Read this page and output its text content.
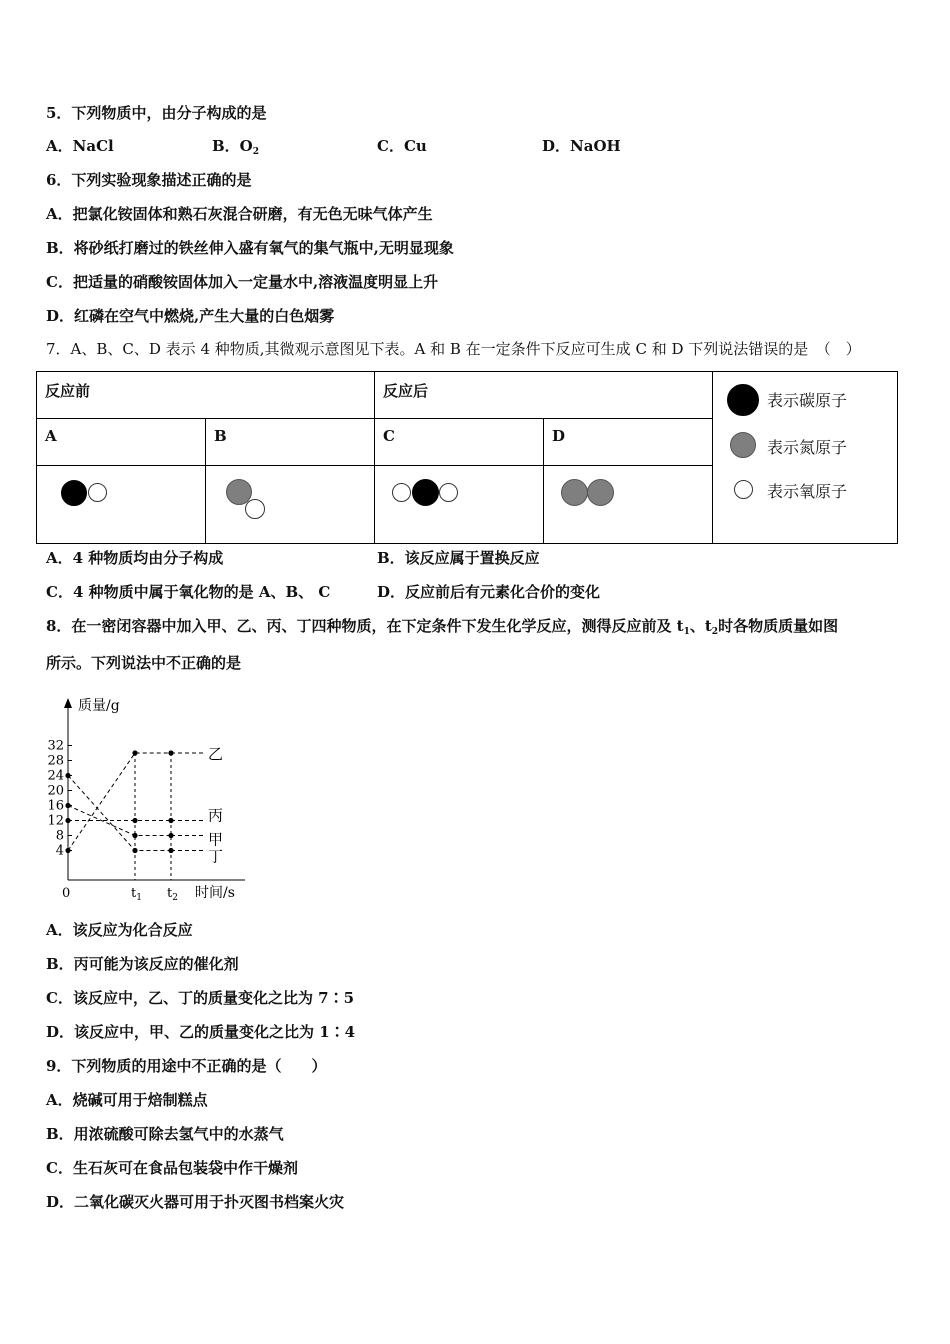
5．下列物质中，由分子构成的是
A．NaCl	B．$O_2$	C．Cu	D．NaOH
6．下列实验现象描述正确的是
A．把氯化铵固体和熟石灰混合研磨，有无色无味气体产生
B．将砂纸打磨过的铁丝伸入盛有氧气的集气瓶中,无明显现象
C．把适量的硝酸铵固体加入一定量水中,溶液温度明显上升
D．红磷在空气中燃烧,产生大量的白色烟雾
7．A、B、C、D 表示 4 种物质,其微观示意图见下表。A 和 B 在一定条件下反应可生成 C 和 D 下列说法错误的是　（　）
反应前		反应后		表示碳原子
表示氮原子
表示氧原子

A	B	C	D	

A．4 种物质均由分子构成	B．该反应属于置换反应
C．4 种物质中属于氧化物的是 A、B、 C	D．反应前后有元素化合价的变化
8．在一密闭容器中加入甲、乙、丙、丁四种物质，在下定条件下发生化学反应，测得反应前及 $t_1$、$t_2$时各物质质量如图
所示。下列说法中不正确的是
质量/g
时间/s
0
4
8
12
16
20
24
28
32
$t_1$ $t_2$
乙
丙
甲
丁
A．该反应为化合反应
B．丙可能为该反应的催化剂
C．该反应中，乙、丁的质量变化之比为 7∶5
D．该反应中，甲、乙的质量变化之比为 1∶4
9．下列物质的用途中不正确的是（　　）
A．烧碱可用于焙制糕点
B．用浓硫酸可除去氢气中的水蒸气
C．生石灰可在食品包装袋中作干燥剂
D．二氧化碳灭火器可用于扑灭图书档案火灾
